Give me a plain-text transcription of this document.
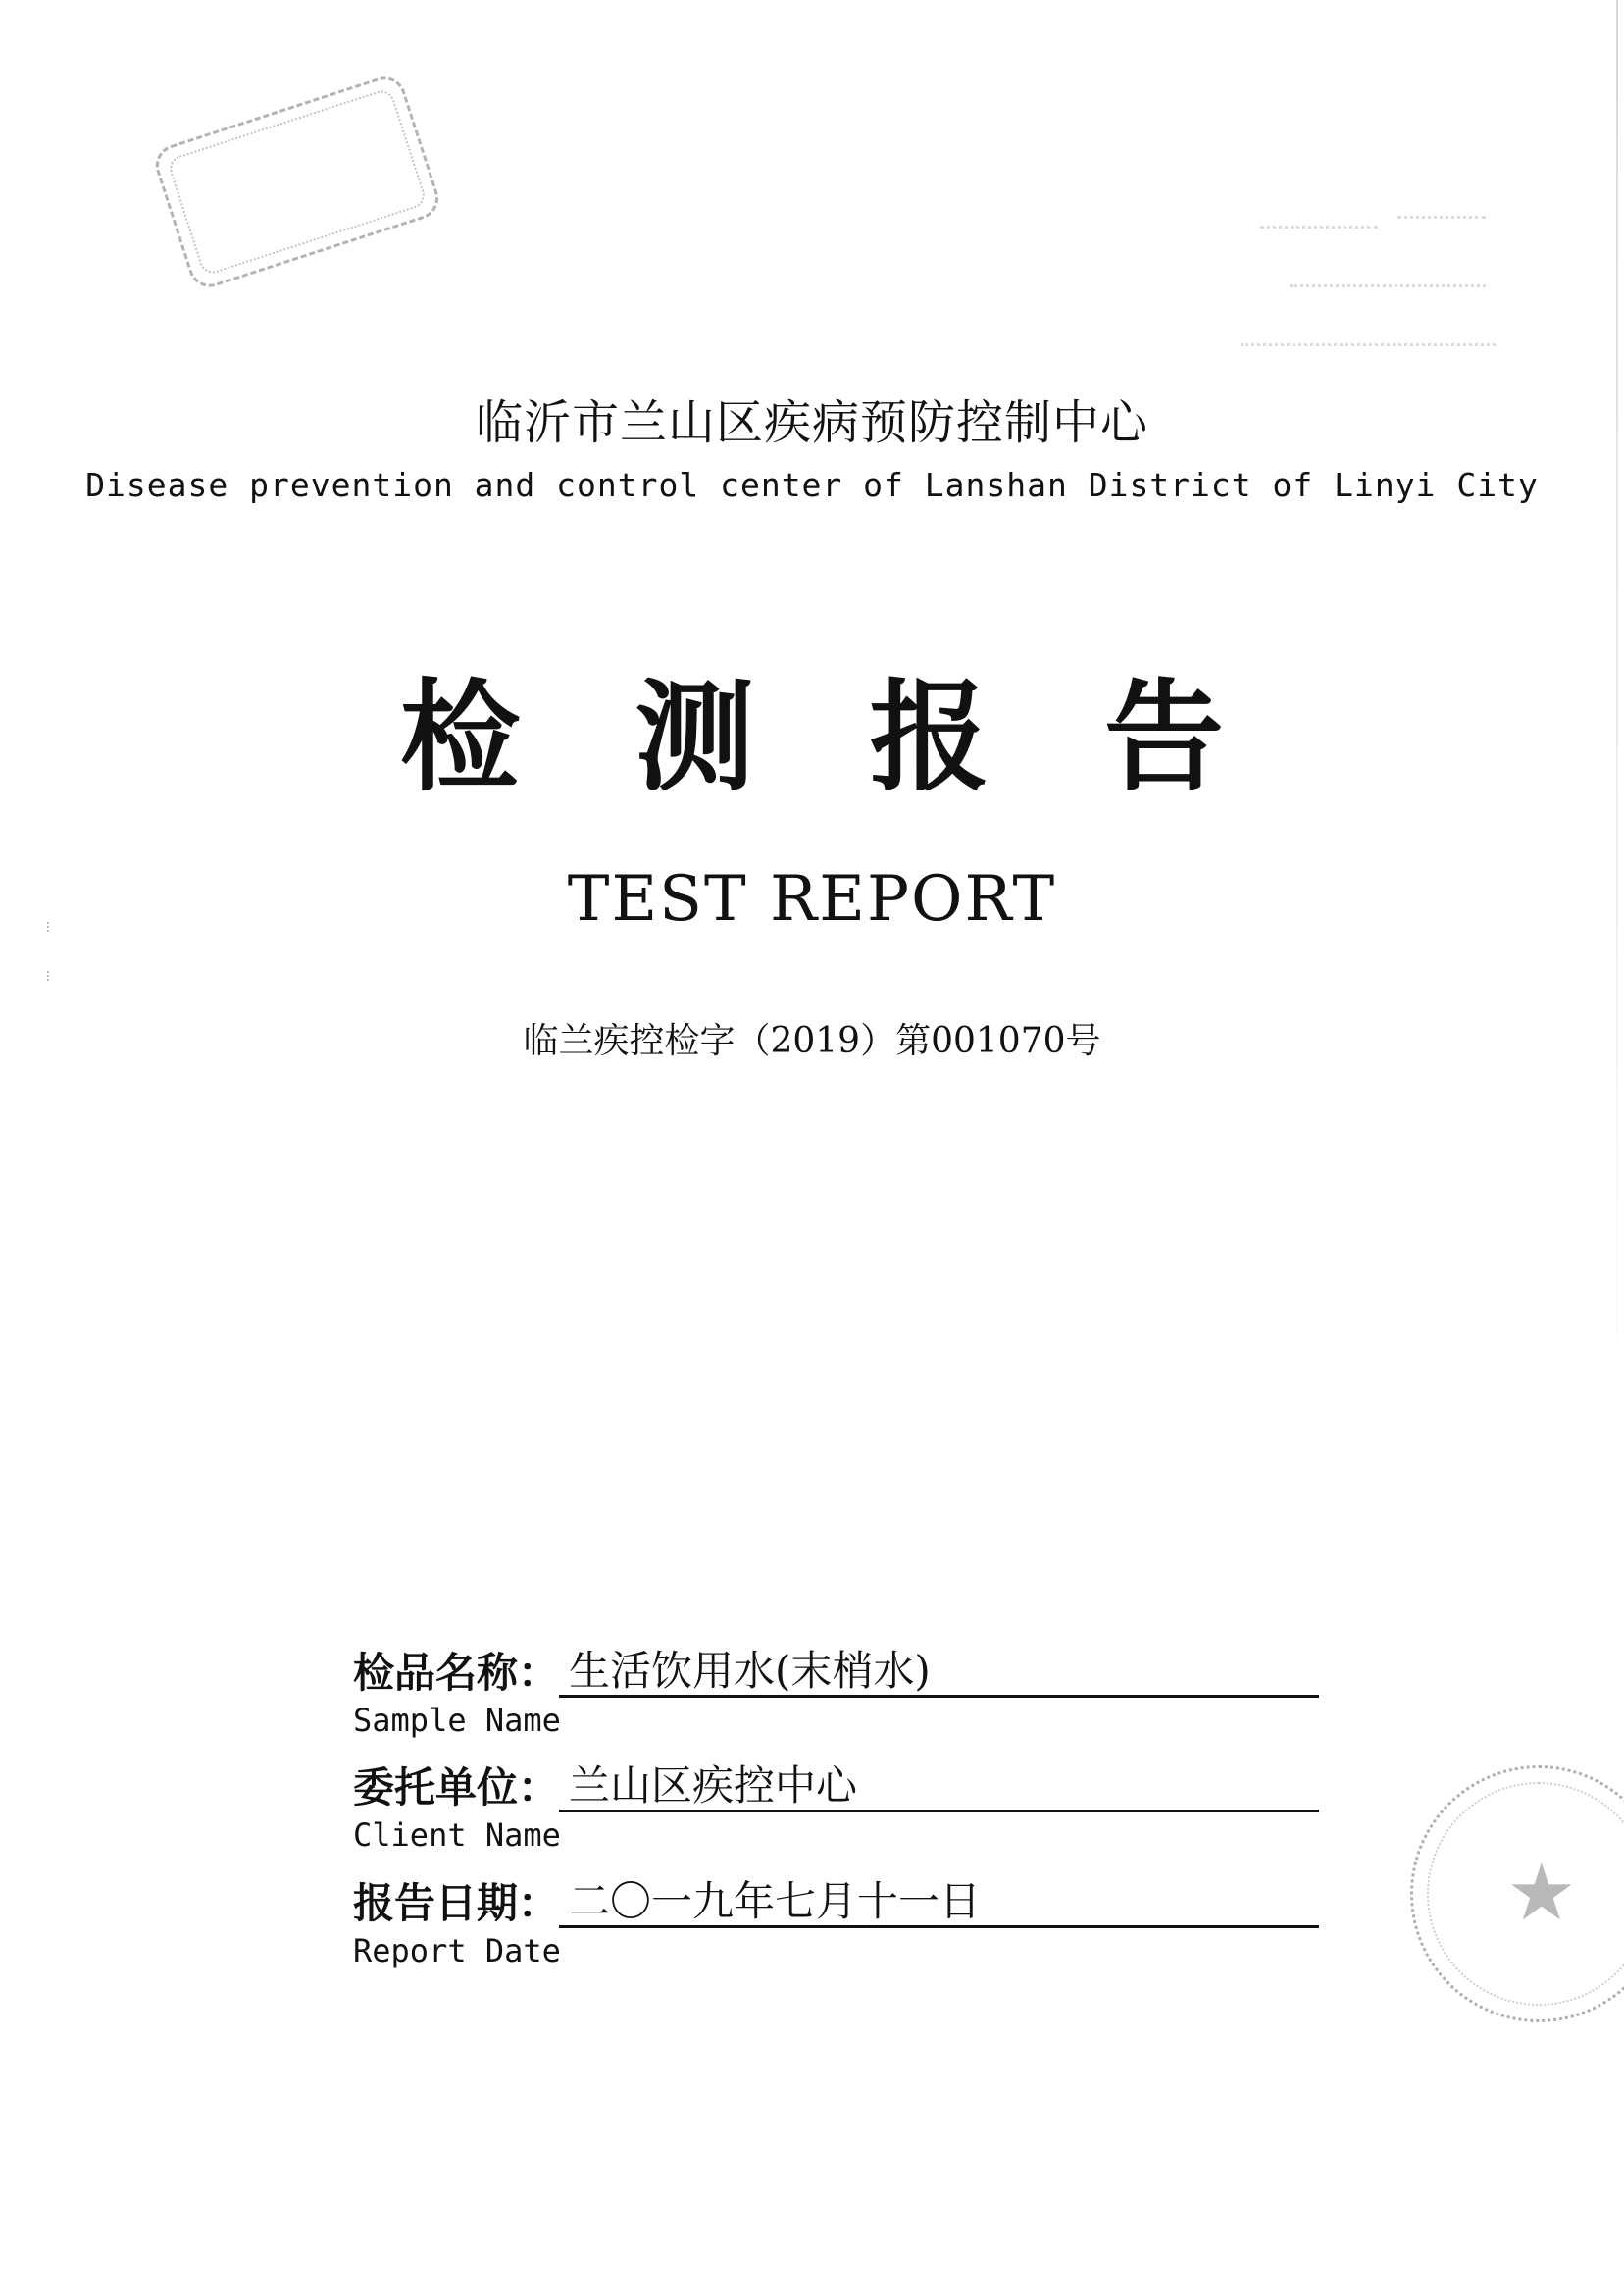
临沂市兰山区疾病预防控制中心
Disease prevention and control center of Lanshan District of Linyi City
检 测 报 告
TEST REPORT
临兰疾控检字（2019）第001070号
检品名称： 生活饮用水(末梢水)
Sample Name
委托单位： 兰山区疾控中心
Client Name
报告日期： 二〇一九年七月十一日
Report Date
★
